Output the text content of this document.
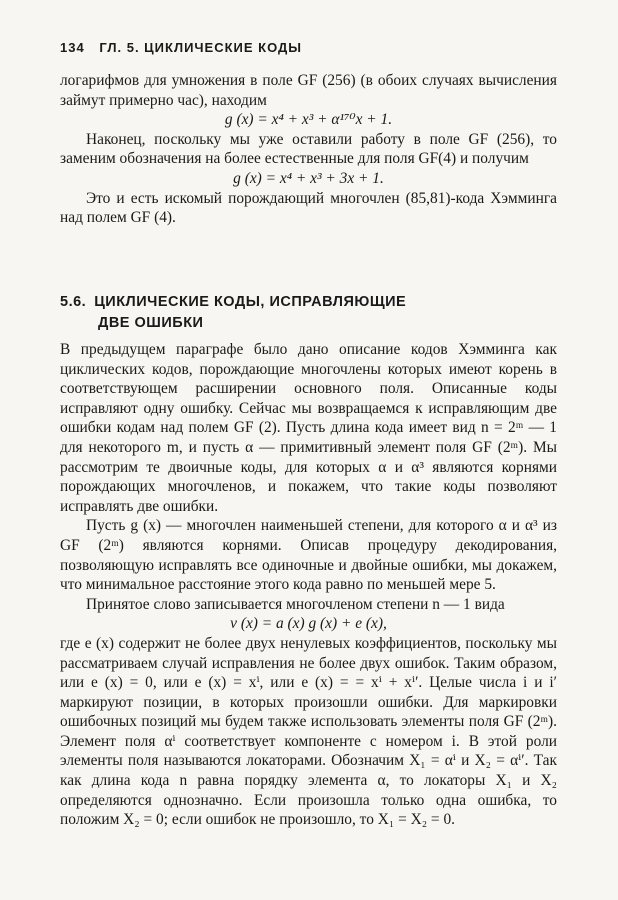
134 ГЛ. 5. ЦИКЛИЧЕСКИЕ КОДЫ

логарифмов для умножения в поле GF (256) (в обоих случаях вычисления займут примерно час), находим

g (x) = x⁴ + x³ + α¹⁷⁰x + 1.

Наконец, поскольку мы уже оставили работу в поле GF (256), то заменим обозначения на более естественные для поля GF(4) и получим

g (x) = x⁴ + x³ + 3x + 1.

Это и есть искомый порождающий многочлен (85,81)-кода Хэмминга над полем GF (4).

5.6. ЦИКЛИЧЕСКИЕ КОДЫ, ИСПРАВЛЯЮЩИЕ
ДВЕ ОШИБКИ

В предыдущем параграфе было дано описание кодов Хэмминга как циклических кодов, порождающие многочлены которых имеют корень в соответствующем расширении основного поля. Описанные коды исправляют одну ошибку. Сейчас мы возвращаемся к исправляющим две ошибки кодам над полем GF (2). Пусть длина кода имеет вид n = 2ᵐ — 1 для некоторого m, и пусть α — примитивный элемент поля GF (2ᵐ). Мы рассмотрим те двоичные коды, для которых α и α³ являются корнями порождающих многочленов, и покажем, что такие коды позволяют исправлять две ошибки.

Пусть g (x) — многочлен наименьшей степени, для которого α и α³ из GF (2ᵐ) являются корнями. Описав процедуру декодирования, позволяющую исправлять все одиночные и двойные ошибки, мы докажем, что минимальное расстояние этого кода равно по меньшей мере 5.

Принятое слово записывается многочленом степени n — 1 вида

v (x) = a (x) g (x) + e (x),

где e (x) содержит не более двух ненулевых коэффициентов, поскольку мы рассматриваем случай исправления не более двух ошибок. Таким образом, или e (x) = 0, или e (x) = xⁱ, или e (x) = = xⁱ + xⁱ′. Целые числа i и i′ маркируют позиции, в которых произошли ошибки. Для маркировки ошибочных позиций мы будем также использовать элементы поля GF (2ᵐ). Элемент поля αⁱ соответствует компоненте с номером i. В этой роли элементы поля называются локаторами. Обозначим X₁ = αⁱ и X₂ = αⁱ′. Так как длина кода n равна порядку элемента α, то локаторы X₁ и X₂ определяются однозначно. Если произошла только одна ошибка, то положим X₂ = 0; если ошибок не произошло, то X₁ = X₂ = 0.
